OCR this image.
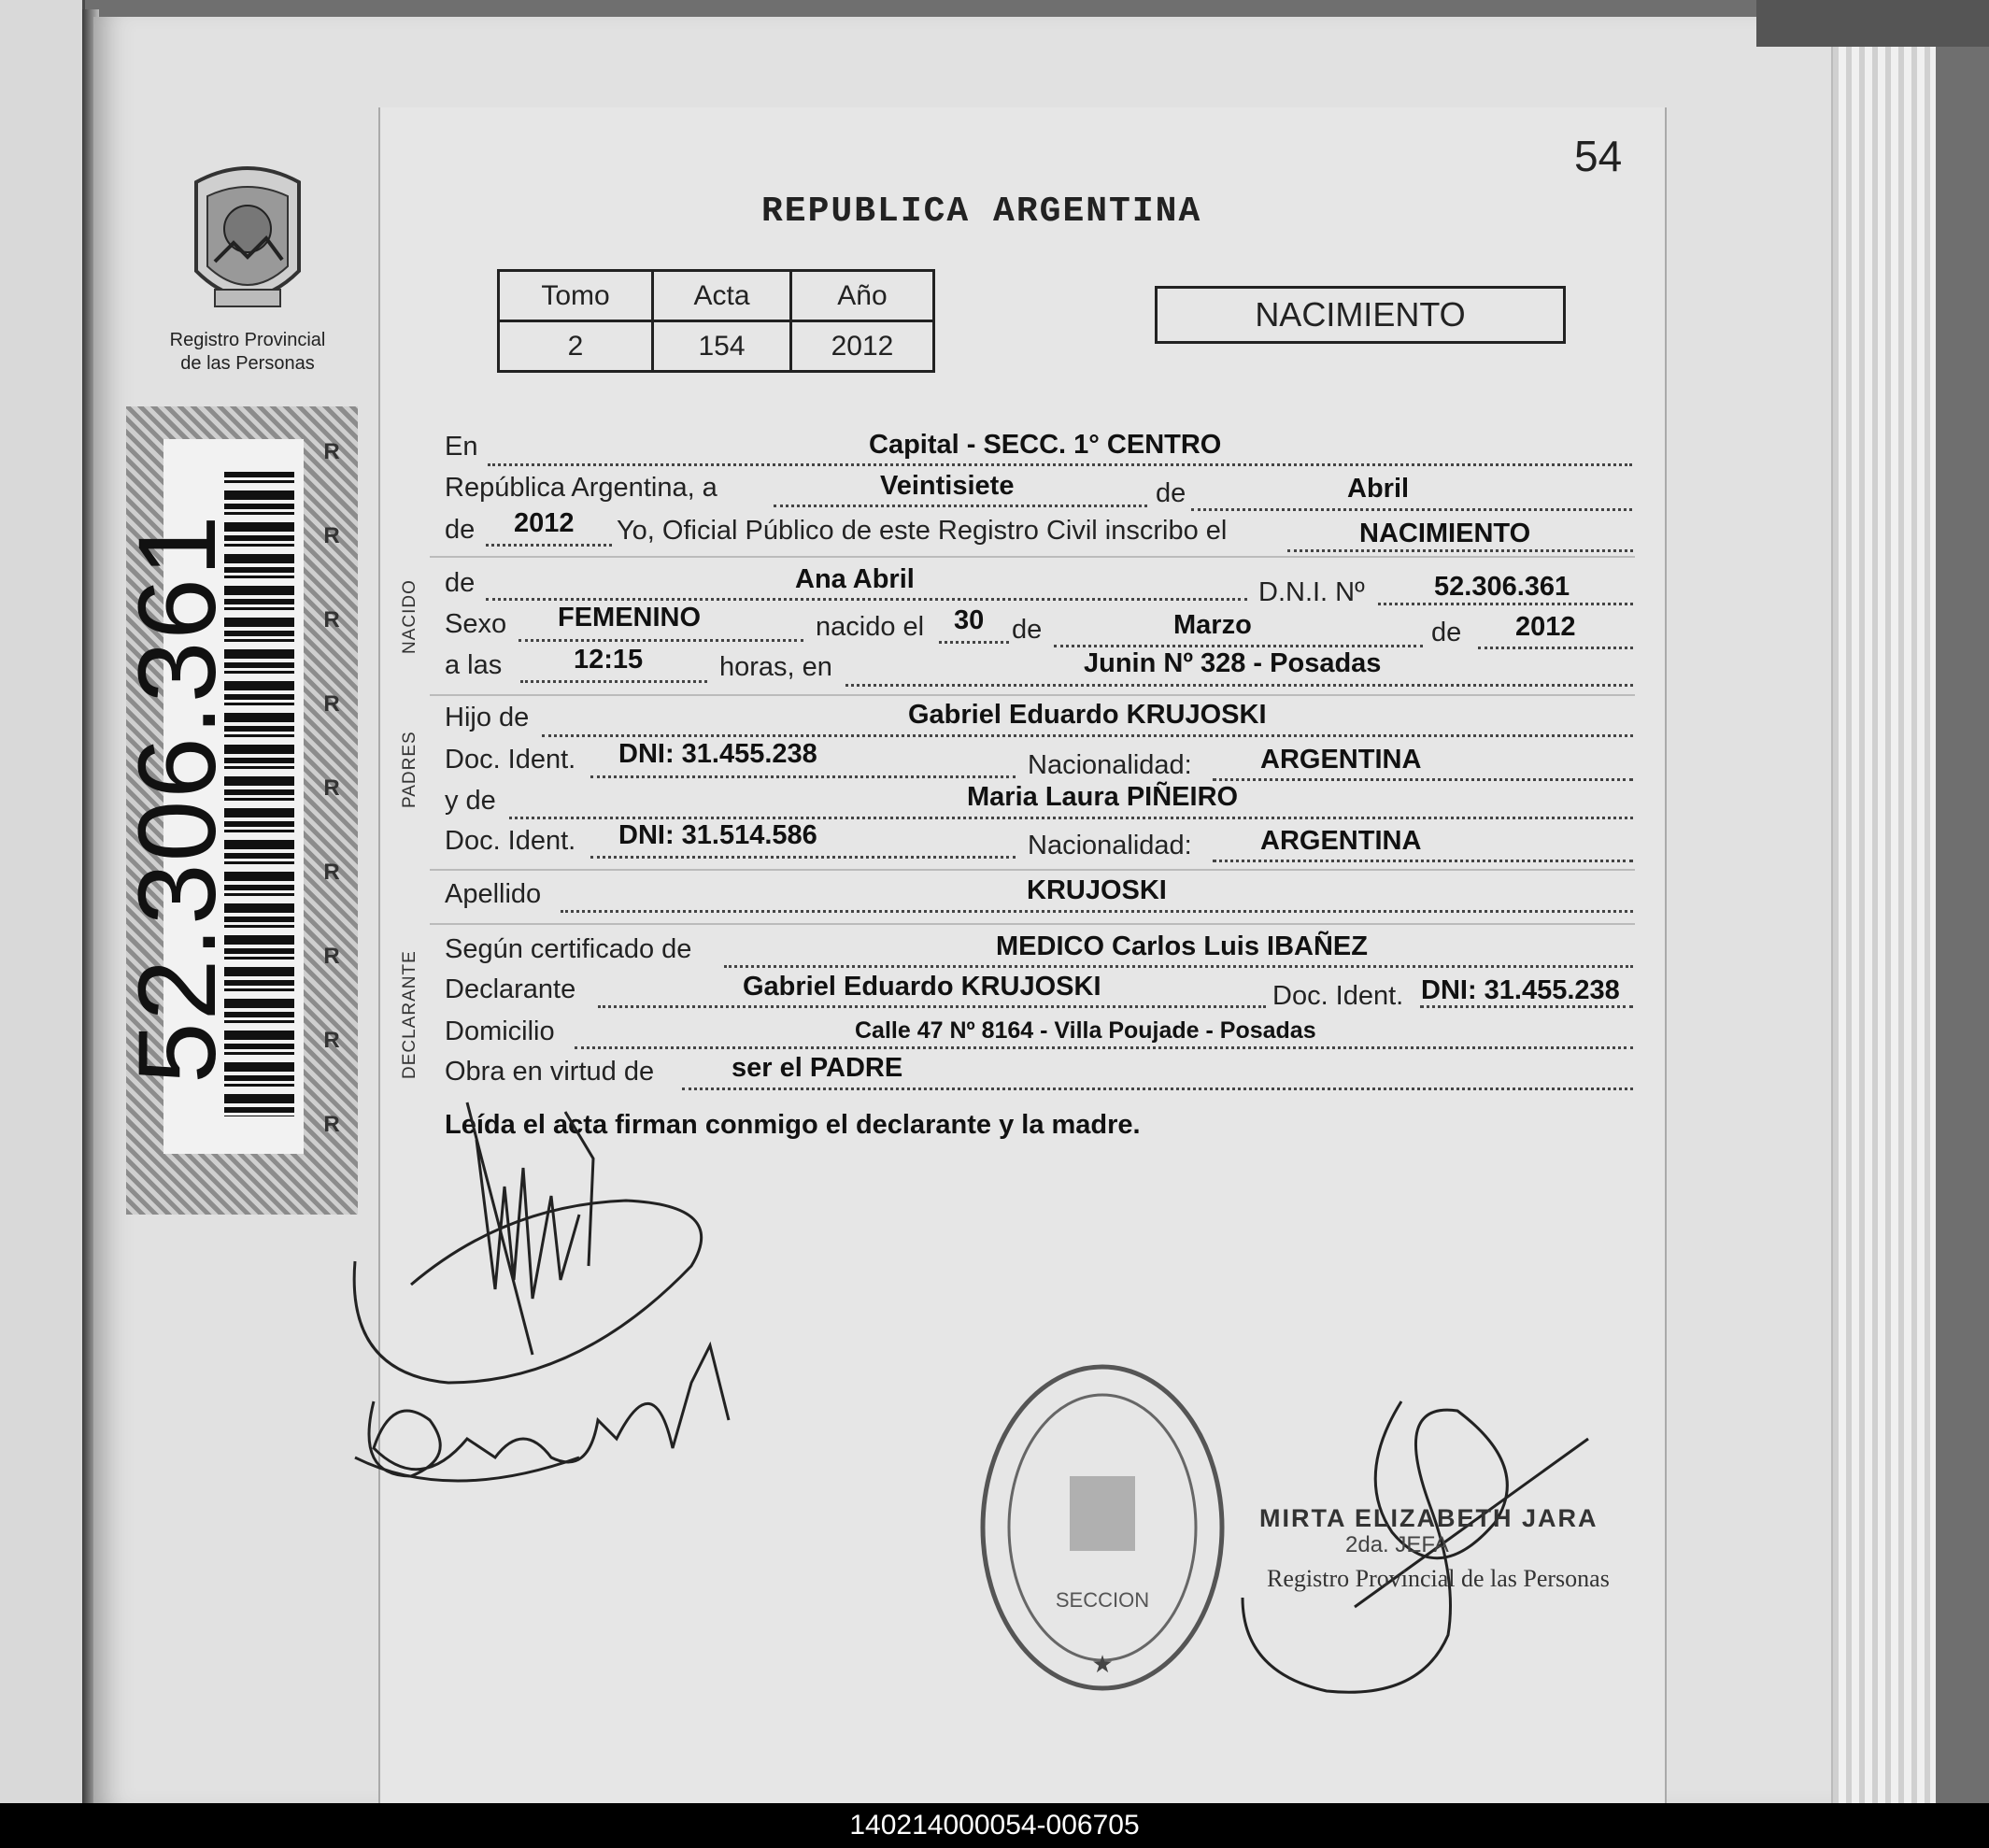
Registro Provincial
de las Personas
52.306.361
R
R
R
R
R
R
R
R
R
54
REPUBLICA ARGENTINA
Tomo	Acta	Año
2	154	2012
NACIMIENTO
NACIDO
PADRES
DECLARANTE
En	Capital - SECC. 1° CENTRO
República Argentina, a	Veintisiete	de	Abril
de 2012 Yo, Oficial Público de este Registro Civil inscribo el	NACIMIENTO
de	Ana Abril	D.N.I. Nº	52.306.361
Sexo FEMENINO	nacido el 30 de	Marzo	de 2012
a las	12:15	horas, en	Junin Nº 328 - Posadas
Hijo de	Gabriel Eduardo KRUJOSKI
Doc. Ident. DNI: 31.455.238	Nacionalidad:	ARGENTINA
y de	Maria Laura PIÑEIRO
Doc. Ident. DNI: 31.514.586	Nacionalidad:	ARGENTINA
Apellido	KRUJOSKI
Según certificado de	MEDICO Carlos Luis IBAÑEZ
Declarante	Gabriel Eduardo KRUJOSKI	Doc. Ident. DNI: 31.455.238
Domicilio	Calle 47 Nº 8164 - Villa Poujade - Posadas
Obra en virtud de	ser el PADRE
Leída el acta firman conmigo el declarante y la madre.
SECCION
★
MIRTA ELIZABETH JARA
2da. JEFA
Registro Provincial de las Personas
140214000054-006705
